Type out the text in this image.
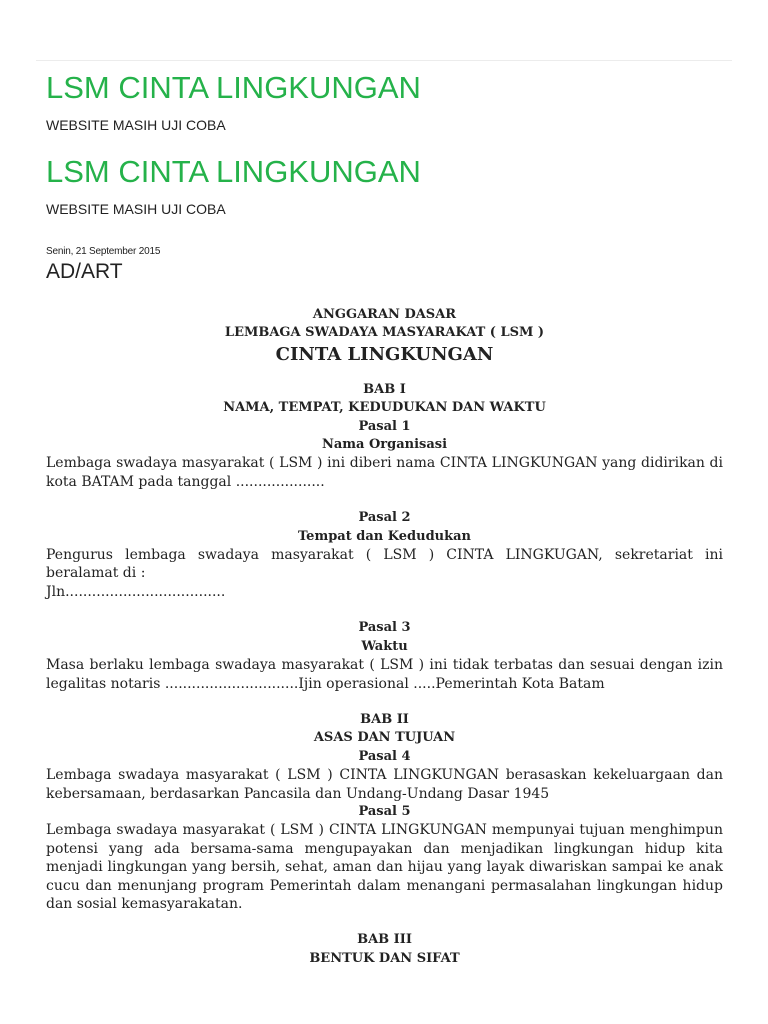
LSM CINTA LINGKUNGAN
WEBSITE MASIH UJI COBA
LSM CINTA LINGKUNGAN
WEBSITE MASIH UJI COBA
Senin, 21 September 2015
AD/ART
ANGGARAN DASAR
LEMBAGA SWADAYA MASYARAKAT ( LSM )
CINTA LINGKUNGAN
BAB I
NAMA, TEMPAT, KEDUDUKAN DAN WAKTU
Pasal 1
Nama Organisasi
Lembaga swadaya masyarakat ( LSM ) ini diberi nama CINTA LINGKUNGAN yang didirikan di kota BATAM pada tanggal ....................
Pasal 2
Tempat dan Kedudukan
Pengurus lembaga swadaya masyarakat ( LSM ) CINTA LINGKUGAN, sekretariat ini beralamat di :
Jln....................................
Pasal 3
Waktu
Masa berlaku lembaga swadaya masyarakat ( LSM ) ini tidak terbatas dan sesuai dengan izin legalitas notaris ..............................Ijin operasional .....Pemerintah Kota Batam
BAB II
ASAS DAN TUJUAN
Pasal 4
Lembaga swadaya masyarakat ( LSM ) CINTA LINGKUNGAN berasaskan kekeluargaan dan kebersamaan, berdasarkan Pancasila dan Undang-Undang Dasar 1945
Pasal 5
Lembaga swadaya masyarakat ( LSM ) CINTA LINGKUNGAN mempunyai tujuan menghimpun potensi yang ada bersama-sama mengupayakan dan menjadikan lingkungan hidup kita menjadi lingkungan yang bersih, sehat, aman dan hijau yang layak diwariskan sampai ke anak cucu dan menunjang program Pemerintah dalam menangani permasalahan lingkungan hidup dan sosial kemasyarakatan.
BAB III
BENTUK DAN SIFAT
